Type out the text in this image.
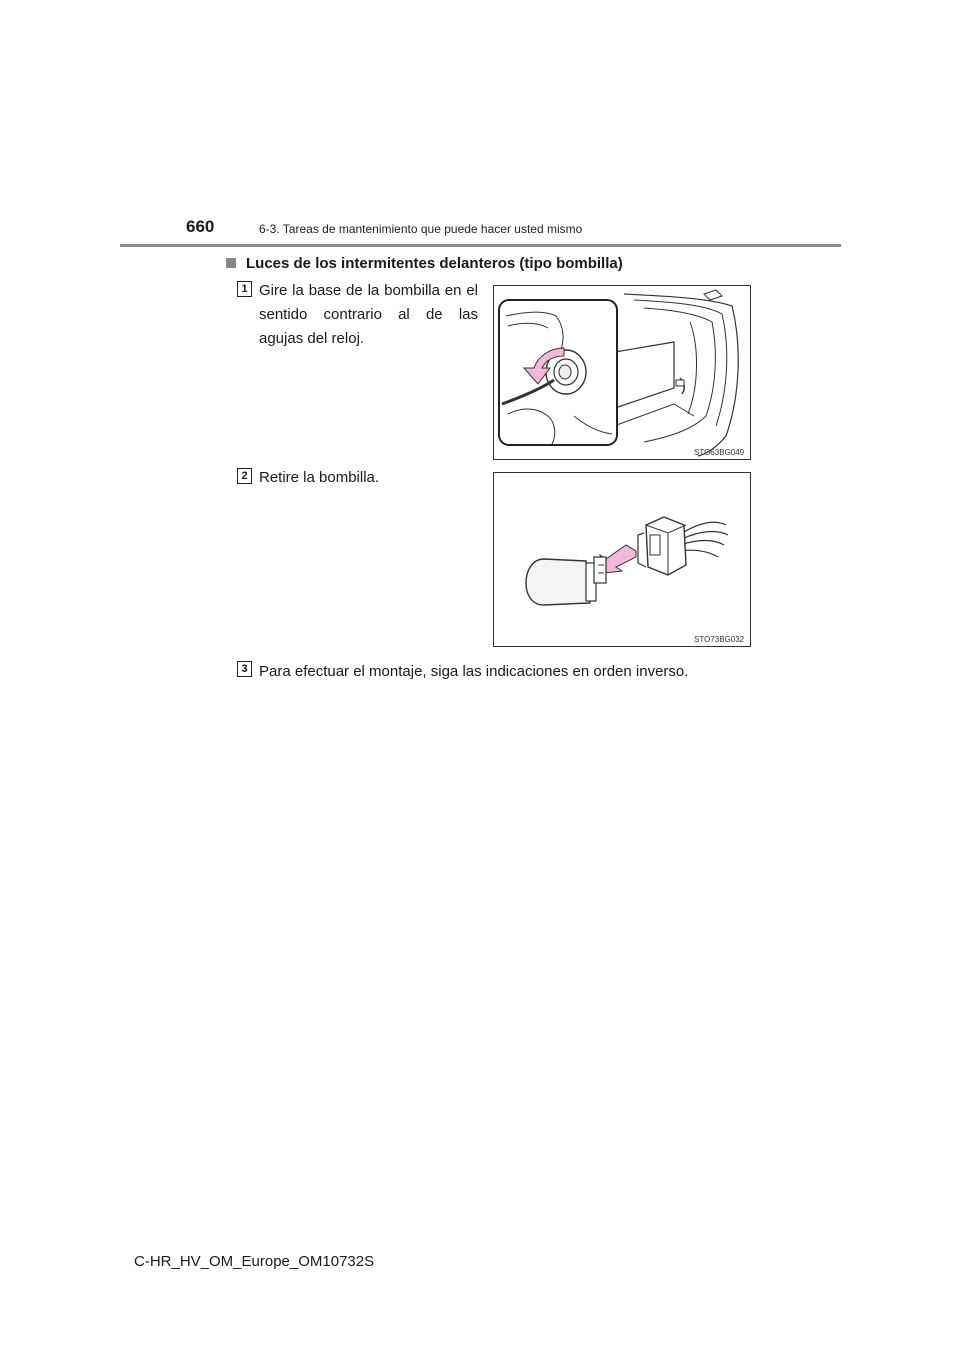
660	6-3. Tareas de mantenimiento que puede hacer usted mismo
Luces de los intermitentes delanteros (tipo bombilla)
1 Gire la base de la bombilla en el sentido contrario al de las agujas del reloj.
STO63BG049
2 Retire la bombilla.
STO73BG032
3 Para efectuar el montaje, siga las indicaciones en orden inverso.
C-HR_HV_OM_Europe_OM10732S
